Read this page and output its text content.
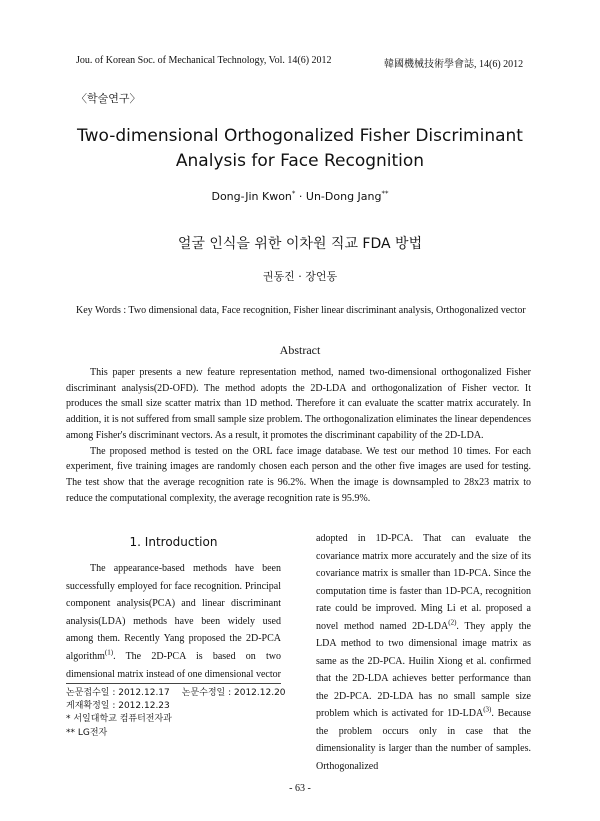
Jou. of Korean Soc. of Mechanical Technology, Vol. 14(6) 2012	韓國機械技術學會誌, 14(6) 2012
〈학술연구〉
Two-dimensional Orthogonalized Fisher Discriminant
Analysis for Face Recognition
Dong-Jin Kwon* · Un-Dong Jang**
얼굴 인식을 위한 이차원 직교 FDA 방법
권동진 · 장언동
Key Words : Two dimensional data, Face recognition, Fisher linear discriminant analysis, Orthogonalized vector
Abstract

This paper presents a new feature representation method, named two-dimensional orthogonalized Fisher discriminant analysis(2D-OFD). The method adopts the 2D-LDA and orthogonalization of Fisher vector. It produces the small size scatter matrix than 1D method. Therefore it can evaluate the scatter matrix accurately. In addition, it is not suffered from small sample size problem. The orthogonalization eliminates the linear dependences among Fisher's discriminant vectors. As a result, it promotes the discriminant capability of the 2D-LDA.

The proposed method is tested on the ORL face image database. We test our method 10 times. For each experiment, five training images are randomly chosen each person and the other five images are used for testing. The test show that the average recognition rate is 96.2%. When the image is downsampled to 28x23 matrix to reduce the computational complexity, the average recognition rate is 95.9%.

1. Introduction

The appearance-based methods have been successfully employed for face recognition. Principal component analysis(PCA) and linear discriminant analysis(LDA) methods have been widely used among them. Recently Yang proposed the 2D-PCA algorithm$^{(1)}$. The 2D-PCA is based on two dimensional matrix instead of one dimensional vector

adopted in 1D-PCA. That can evaluate the covariance matrix more accurately and the size of its covariance matrix is smaller than 1D-PCA. Since the computation time is faster than 1D-PCA, recognition rate could be improved. Ming Li et al. proposed a novel method named 2D-LDA$^{(2)}$. They apply the LDA method to two dimensional image matrix as same as the 2D-PCA. Huilin Xiong et al. confirmed that the 2D-LDA achieves better performance than the 2D-PCA. 2D-LDA has no small sample size problem which is activated for 1D-LDA$^{(3)}$. Because the problem occurs only in case that the dimensionality is larger than the number of samples. Orthogonalized

논문접수일 : 2012.12.17 논문수정일 : 2012.12.20
게재확정일 : 2012.12.23
* 서일대학교 컴퓨터전자과
** LG전자
- 63 -
